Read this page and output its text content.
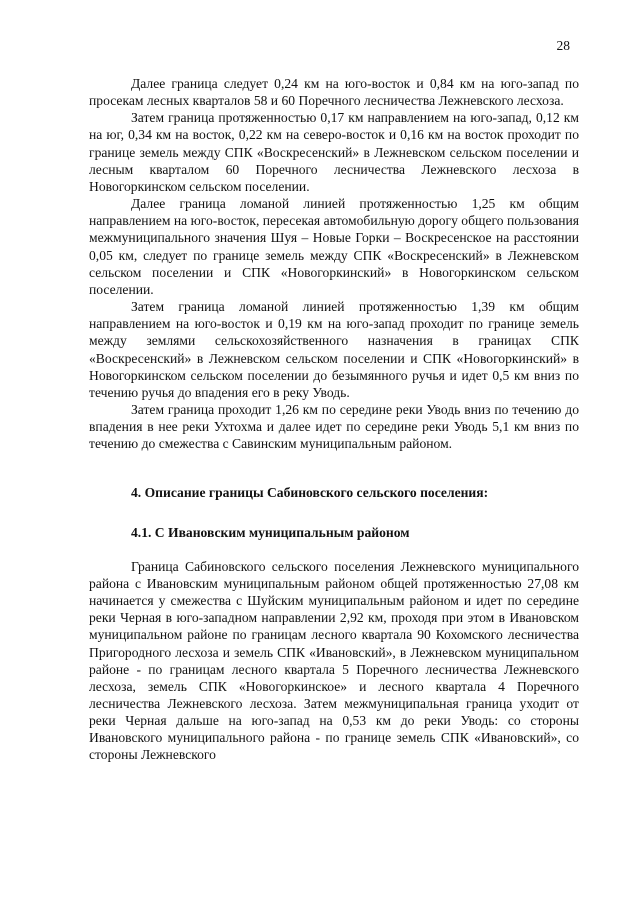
28

Далее граница следует 0,24 км на юго-восток и 0,84 км на юго-запад по просекам лесных кварталов 58 и 60 Поречного лесничества Лежневского лесхоза.

Затем граница протяженностью 0,17 км направлением на юго-запад, 0,12 км на юг, 0,34 км на восток, 0,22 км на северо-восток и 0,16 км на восток проходит по границе земель между СПК «Воскресенский» в Лежневском сельском поселении и лесным кварталом 60 Поречного лесничества Лежневского лесхоза в Новогоркинском сельском поселении.

Далее граница ломаной линией протяженностью 1,25 км общим направлением на юго-восток, пересекая автомобильную дорогу общего пользования межмуниципального значения Шуя – Новые Горки – Воскресенское на расстоянии 0,05 км, следует по границе земель между СПК «Воскресенский» в Лежневском сельском поселении и СПК «Новогоркинский» в Новогоркинском сельском поселении.

Затем граница ломаной линией протяженностью 1,39 км общим направлением на юго-восток и 0,19 км на юго-запад проходит по границе земель между землями сельскохозяйственного назначения в границах СПК «Воскресенский» в Лежневском сельском поселении и СПК «Новогоркинский» в Новогоркинском сельском поселении до безымянного ручья и идет 0,5 км вниз по течению ручья до впадения его в реку Уводь.

Затем граница проходит 1,26 км по середине реки Уводь вниз по течению до впадения в нее реки Ухтохма и далее идет по середине реки Уводь 5,1 км вниз по течению до смежества с Савинским муниципальным районом.

4. Описание границы Сабиновского сельского поселения:

4.1. С Ивановским муниципальным районом

Граница Сабиновского сельского поселения Лежневского муниципального района с Ивановским муниципальным районом общей протяженностью 27,08 км начинается у смежества с Шуйским муниципальным районом и идет по середине реки Черная в юго-западном направлении 2,92 км, проходя при этом в Ивановском муниципальном районе по границам лесного квартала 90 Кохомского лесничества Пригородного лесхоза и земель СПК «Ивановский», в Лежневском муниципальном районе - по границам лесного квартала 5 Поречного лесничества Лежневского лесхоза, земель СПК «Новогоркинское» и лесного квартала 4 Поречного лесничества Лежневского лесхоза. Затем межмуниципальная граница уходит от реки Черная дальше на юго-запад на 0,53 км до реки Уводь: со стороны Ивановского муниципального района - по границе земель СПК «Ивановский», со стороны Лежневского
